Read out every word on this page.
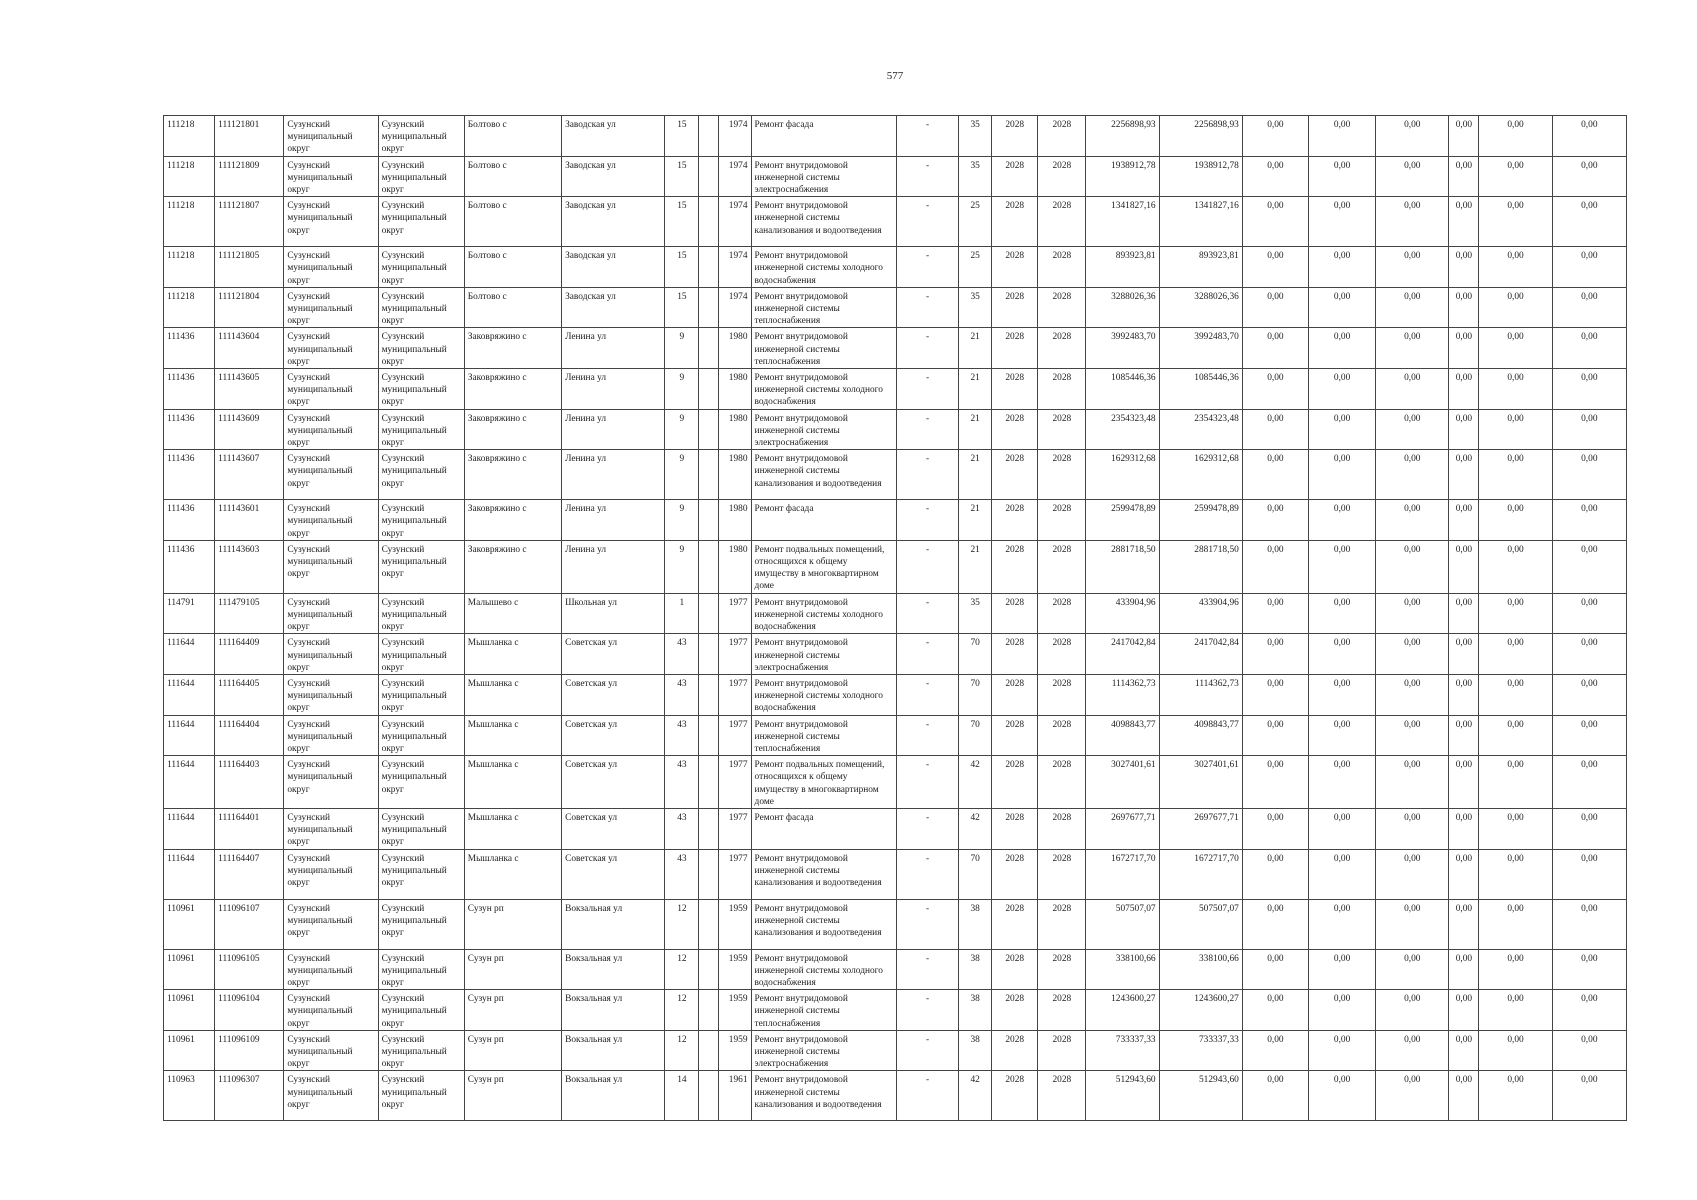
577
111218	111121801	Сузунский муниципальный округ	Сузунский муниципальный округ	Болтово с	Заводская ул	15		1974	Ремонт фасада	-	35	2028	2028	2256898,93	2256898,93	0,00	0,00	0,00	0,00	0,00	0,00
111218	111121809	Сузунский муниципальный округ	Сузунский муниципальный округ	Болтово с	Заводская ул	15		1974	Ремонт внутридомовой инженерной системы электроснабжения	-	35	2028	2028	1938912,78	1938912,78	0,00	0,00	0,00	0,00	0,00	0,00
111218	111121807	Сузунский муниципальный округ	Сузунский муниципальный округ	Болтово с	Заводская ул	15		1974	Ремонт внутридомовой инженерной системы канализования и водоотведения	-	25	2028	2028	1341827,16	1341827,16	0,00	0,00	0,00	0,00	0,00	0,00
111218	111121805	Сузунский муниципальный округ	Сузунский муниципальный округ	Болтово с	Заводская ул	15		1974	Ремонт внутридомовой инженерной системы холодного водоснабжения	-	25	2028	2028	893923,81	893923,81	0,00	0,00	0,00	0,00	0,00	0,00
111218	111121804	Сузунский муниципальный округ	Сузунский муниципальный округ	Болтово с	Заводская ул	15		1974	Ремонт внутридомовой инженерной системы теплоснабжения	-	35	2028	2028	3288026,36	3288026,36	0,00	0,00	0,00	0,00	0,00	0,00
111436	111143604	Сузунский муниципальный округ	Сузунский муниципальный округ	Заковряжино с	Ленина ул	9		1980	Ремонт внутридомовой инженерной системы теплоснабжения	-	21	2028	2028	3992483,70	3992483,70	0,00	0,00	0,00	0,00	0,00	0,00
111436	111143605	Сузунский муниципальный округ	Сузунский муниципальный округ	Заковряжино с	Ленина ул	9		1980	Ремонт внутридомовой инженерной системы холодного водоснабжения	-	21	2028	2028	1085446,36	1085446,36	0,00	0,00	0,00	0,00	0,00	0,00
111436	111143609	Сузунский муниципальный округ	Сузунский муниципальный округ	Заковряжино с	Ленина ул	9		1980	Ремонт внутридомовой инженерной системы электроснабжения	-	21	2028	2028	2354323,48	2354323,48	0,00	0,00	0,00	0,00	0,00	0,00
111436	111143607	Сузунский муниципальный округ	Сузунский муниципальный округ	Заковряжино с	Ленина ул	9		1980	Ремонт внутридомовой инженерной системы канализования и водоотведения	-	21	2028	2028	1629312,68	1629312,68	0,00	0,00	0,00	0,00	0,00	0,00
111436	111143601	Сузунский муниципальный округ	Сузунский муниципальный округ	Заковряжино с	Ленина ул	9		1980	Ремонт фасада	-	21	2028	2028	2599478,89	2599478,89	0,00	0,00	0,00	0,00	0,00	0,00
111436	111143603	Сузунский муниципальный округ	Сузунский муниципальный округ	Заковряжино с	Ленина ул	9		1980	Ремонт подвальных помещений, относящихся к общему имуществу в многоквартирном доме	-	21	2028	2028	2881718,50	2881718,50	0,00	0,00	0,00	0,00	0,00	0,00
114791	111479105	Сузунский муниципальный округ	Сузунский муниципальный округ	Малышево с	Школьная ул	1		1977	Ремонт внутридомовой инженерной системы холодного водоснабжения	-	35	2028	2028	433904,96	433904,96	0,00	0,00	0,00	0,00	0,00	0,00
111644	111164409	Сузунский муниципальный округ	Сузунский муниципальный округ	Мышланка с	Советская ул	43		1977	Ремонт внутридомовой инженерной системы электроснабжения	-	70	2028	2028	2417042,84	2417042,84	0,00	0,00	0,00	0,00	0,00	0,00
111644	111164405	Сузунский муниципальный округ	Сузунский муниципальный округ	Мышланка с	Советская ул	43		1977	Ремонт внутридомовой инженерной системы холодного водоснабжения	-	70	2028	2028	1114362,73	1114362,73	0,00	0,00	0,00	0,00	0,00	0,00
111644	111164404	Сузунский муниципальный округ	Сузунский муниципальный округ	Мышланка с	Советская ул	43		1977	Ремонт внутридомовой инженерной системы теплоснабжения	-	70	2028	2028	4098843,77	4098843,77	0,00	0,00	0,00	0,00	0,00	0,00
111644	111164403	Сузунский муниципальный округ	Сузунский муниципальный округ	Мышланка с	Советская ул	43		1977	Ремонт подвальных помещений, относящихся к общему имуществу в многоквартирном доме	-	42	2028	2028	3027401,61	3027401,61	0,00	0,00	0,00	0,00	0,00	0,00
111644	111164401	Сузунский муниципальный округ	Сузунский муниципальный округ	Мышланка с	Советская ул	43		1977	Ремонт фасада	-	42	2028	2028	2697677,71	2697677,71	0,00	0,00	0,00	0,00	0,00	0,00
111644	111164407	Сузунский муниципальный округ	Сузунский муниципальный округ	Мышланка с	Советская ул	43		1977	Ремонт внутридомовой инженерной системы канализования и водоотведения	-	70	2028	2028	1672717,70	1672717,70	0,00	0,00	0,00	0,00	0,00	0,00
110961	111096107	Сузунский муниципальный округ	Сузунский муниципальный округ	Сузун рп	Вокзальная ул	12		1959	Ремонт внутридомовой инженерной системы канализования и водоотведения	-	38	2028	2028	507507,07	507507,07	0,00	0,00	0,00	0,00	0,00	0,00
110961	111096105	Сузунский муниципальный округ	Сузунский муниципальный округ	Сузун рп	Вокзальная ул	12		1959	Ремонт внутридомовой инженерной системы холодного водоснабжения	-	38	2028	2028	338100,66	338100,66	0,00	0,00	0,00	0,00	0,00	0,00
110961	111096104	Сузунский муниципальный округ	Сузунский муниципальный округ	Сузун рп	Вокзальная ул	12		1959	Ремонт внутридомовой инженерной системы теплоснабжения	-	38	2028	2028	1243600,27	1243600,27	0,00	0,00	0,00	0,00	0,00	0,00
110961	111096109	Сузунский муниципальный округ	Сузунский муниципальный округ	Сузун рп	Вокзальная ул	12		1959	Ремонт внутридомовой инженерной системы электроснабжения	-	38	2028	2028	733337,33	733337,33	0,00	0,00	0,00	0,00	0,00	0,00
110963	111096307	Сузунский муниципальный округ	Сузунский муниципальный округ	Сузун рп	Вокзальная ул	14		1961	Ремонт внутридомовой инженерной системы канализования и водоотведения	-	42	2028	2028	512943,60	512943,60	0,00	0,00	0,00	0,00	0,00	0,00
